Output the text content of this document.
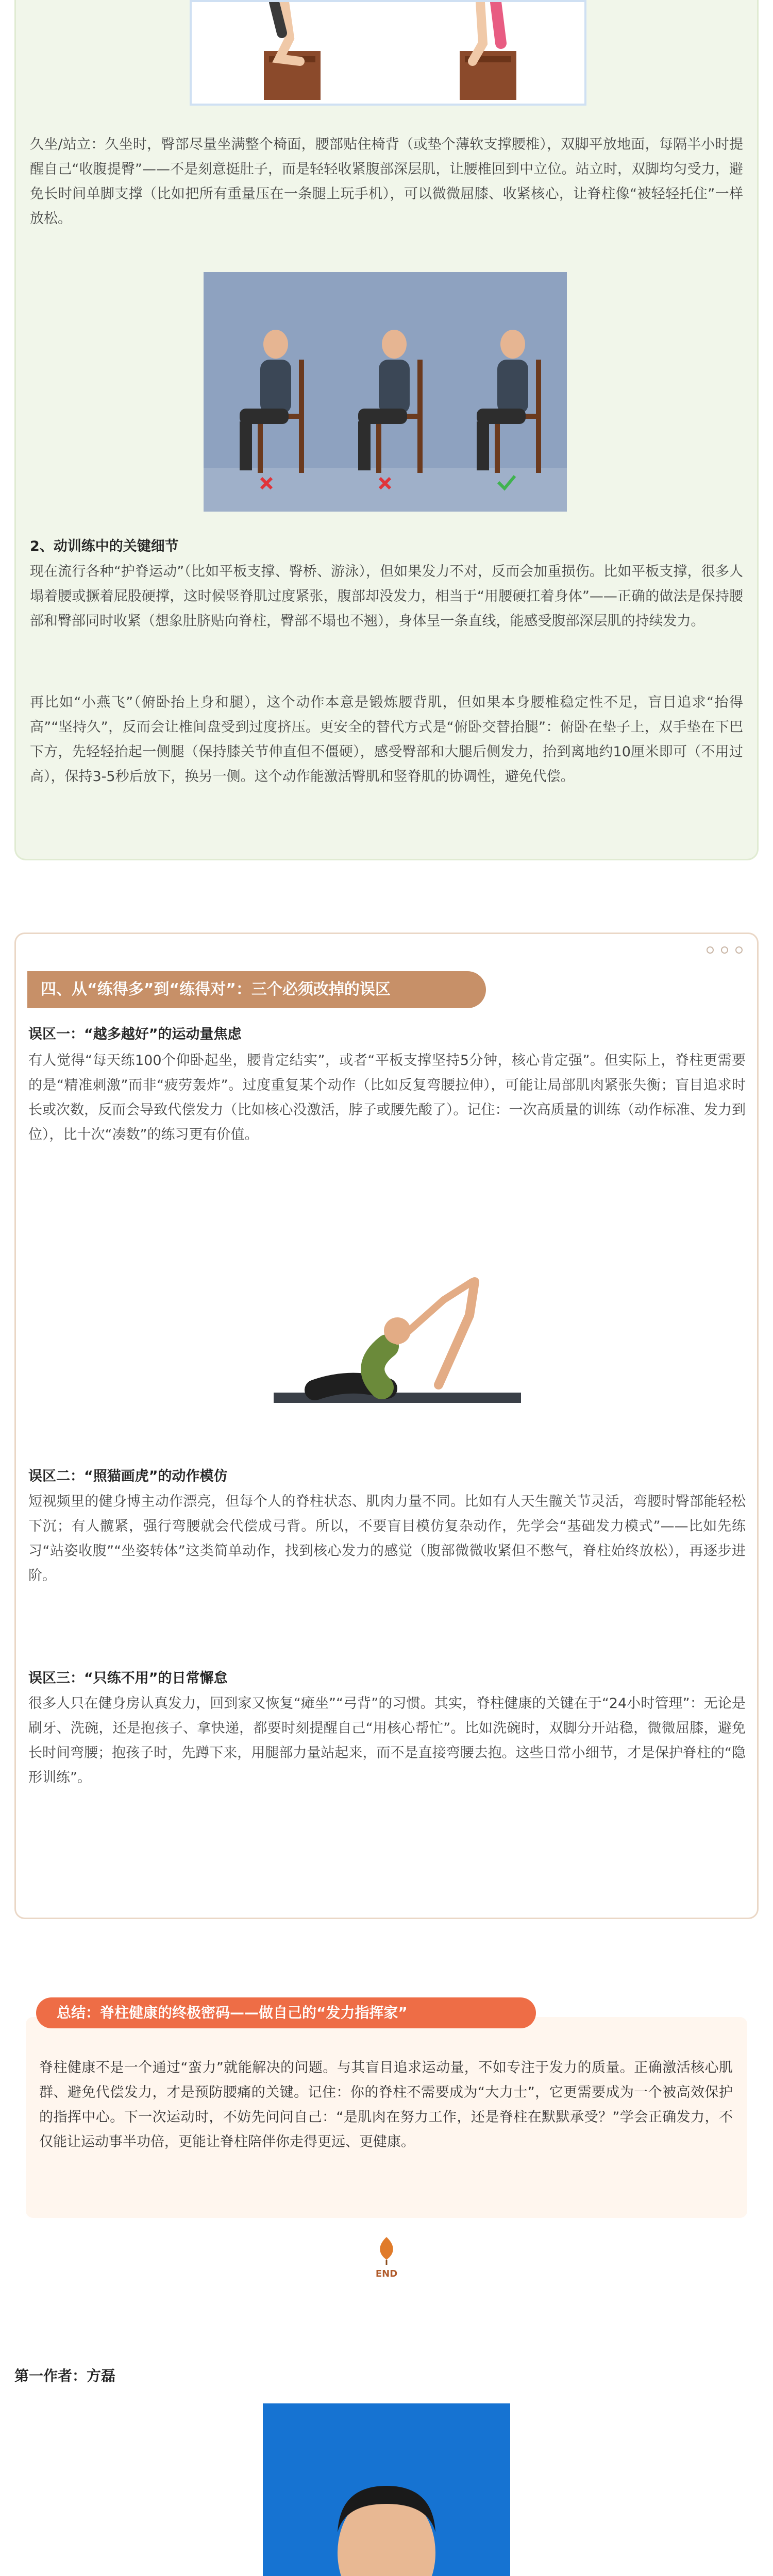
久坐/站立：久坐时，臀部尽量坐满整个椅面，腰部贴住椅背（或垫个薄软支撑腰椎），双脚平放地面，每隔半小时提醒自己“收腹提臀”——不是刻意挺肚子，而是轻轻收紧腹部深层肌，让腰椎回到中立位。站立时，双脚均匀受力，避免长时间单脚支撑（比如把所有重量压在一条腿上玩手机），可以微微屈膝、收紧核心，让脊柱像“被轻轻托住”一样放松。
2、动训练中的关键细节
现在流行各种“护脊运动”（比如平板支撑、臀桥、游泳），但如果发力不对，反而会加重损伤。比如平板支撑，很多人塌着腰或撅着屁股硬撑，这时候竖脊肌过度紧张，腹部却没发力，相当于“用腰硬扛着身体”——正确的做法是保持腰部和臀部同时收紧（想象肚脐贴向脊柱，臀部不塌也不翘），身体呈一条直线，能感受腹部深层肌的持续发力。
再比如“小燕飞”（俯卧抬上身和腿），这个动作本意是锻炼腰背肌，但如果本身腰椎稳定性不足，盲目追求“抬得高”“坚持久”，反而会让椎间盘受到过度挤压。更安全的替代方式是“俯卧交替抬腿”：俯卧在垫子上，双手垫在下巴下方，先轻轻抬起一侧腿（保持膝关节伸直但不僵硬），感受臀部和大腿后侧发力，抬到离地约10厘米即可（不用过高），保持3-5秒后放下，换另一侧。这个动作能激活臀肌和竖脊肌的协调性，避免代偿。
四、从“练得多”到“练得对”：三个必须改掉的误区
误区一：“越多越好”的运动量焦虑
有人觉得“每天练100个仰卧起坐，腰肯定结实”，或者“平板支撑坚持5分钟，核心肯定强”。但实际上，脊柱更需要的是“精准刺激”而非“疲劳轰炸”。过度重复某个动作（比如反复弯腰拉伸），可能让局部肌肉紧张失衡；盲目追求时长或次数，反而会导致代偿发力（比如核心没激活，脖子或腰先酸了）。记住：一次高质量的训练（动作标准、发力到位），比十次“凑数”的练习更有价值。
误区二：“照猫画虎”的动作模仿
短视频里的健身博主动作漂亮，但每个人的脊柱状态、肌肉力量不同。比如有人天生髋关节灵活，弯腰时臀部能轻松下沉；有人髋紧，强行弯腰就会代偿成弓背。所以，不要盲目模仿复杂动作，先学会“基础发力模式”——比如先练习“站姿收腹”“坐姿转体”这类简单动作，找到核心发力的感觉（腹部微微收紧但不憋气，脊柱始终放松），再逐步进阶。
误区三：“只练不用”的日常懈怠
很多人只在健身房认真发力，回到家又恢复“瘫坐”“弓背”的习惯。其实，脊柱健康的关键在于“24小时管理”：无论是刷牙、洗碗，还是抱孩子、拿快递，都要时刻提醒自己“用核心帮忙”。比如洗碗时，双脚分开站稳，微微屈膝，避免长时间弯腰；抱孩子时，先蹲下来，用腿部力量站起来，而不是直接弯腰去抱。这些日常小细节，才是保护脊柱的“隐形训练”。
总结：脊柱健康的终极密码——做自己的“发力指挥家”
脊柱健康不是一个通过“蛮力”就能解决的问题。与其盲目追求运动量，不如专注于发力的质量。正确激活核心肌群、避免代偿发力，才是预防腰痛的关键。记住：你的脊柱不需要成为“大力士”，它更需要成为一个被高效保护的指挥中心。下一次运动时，不妨先问问自己：“是肌肉在努力工作，还是脊柱在默默承受？”学会正确发力，不仅能让运动事半功倍，更能让脊柱陪伴你走得更远、更健康。
END
第一作者：方磊
